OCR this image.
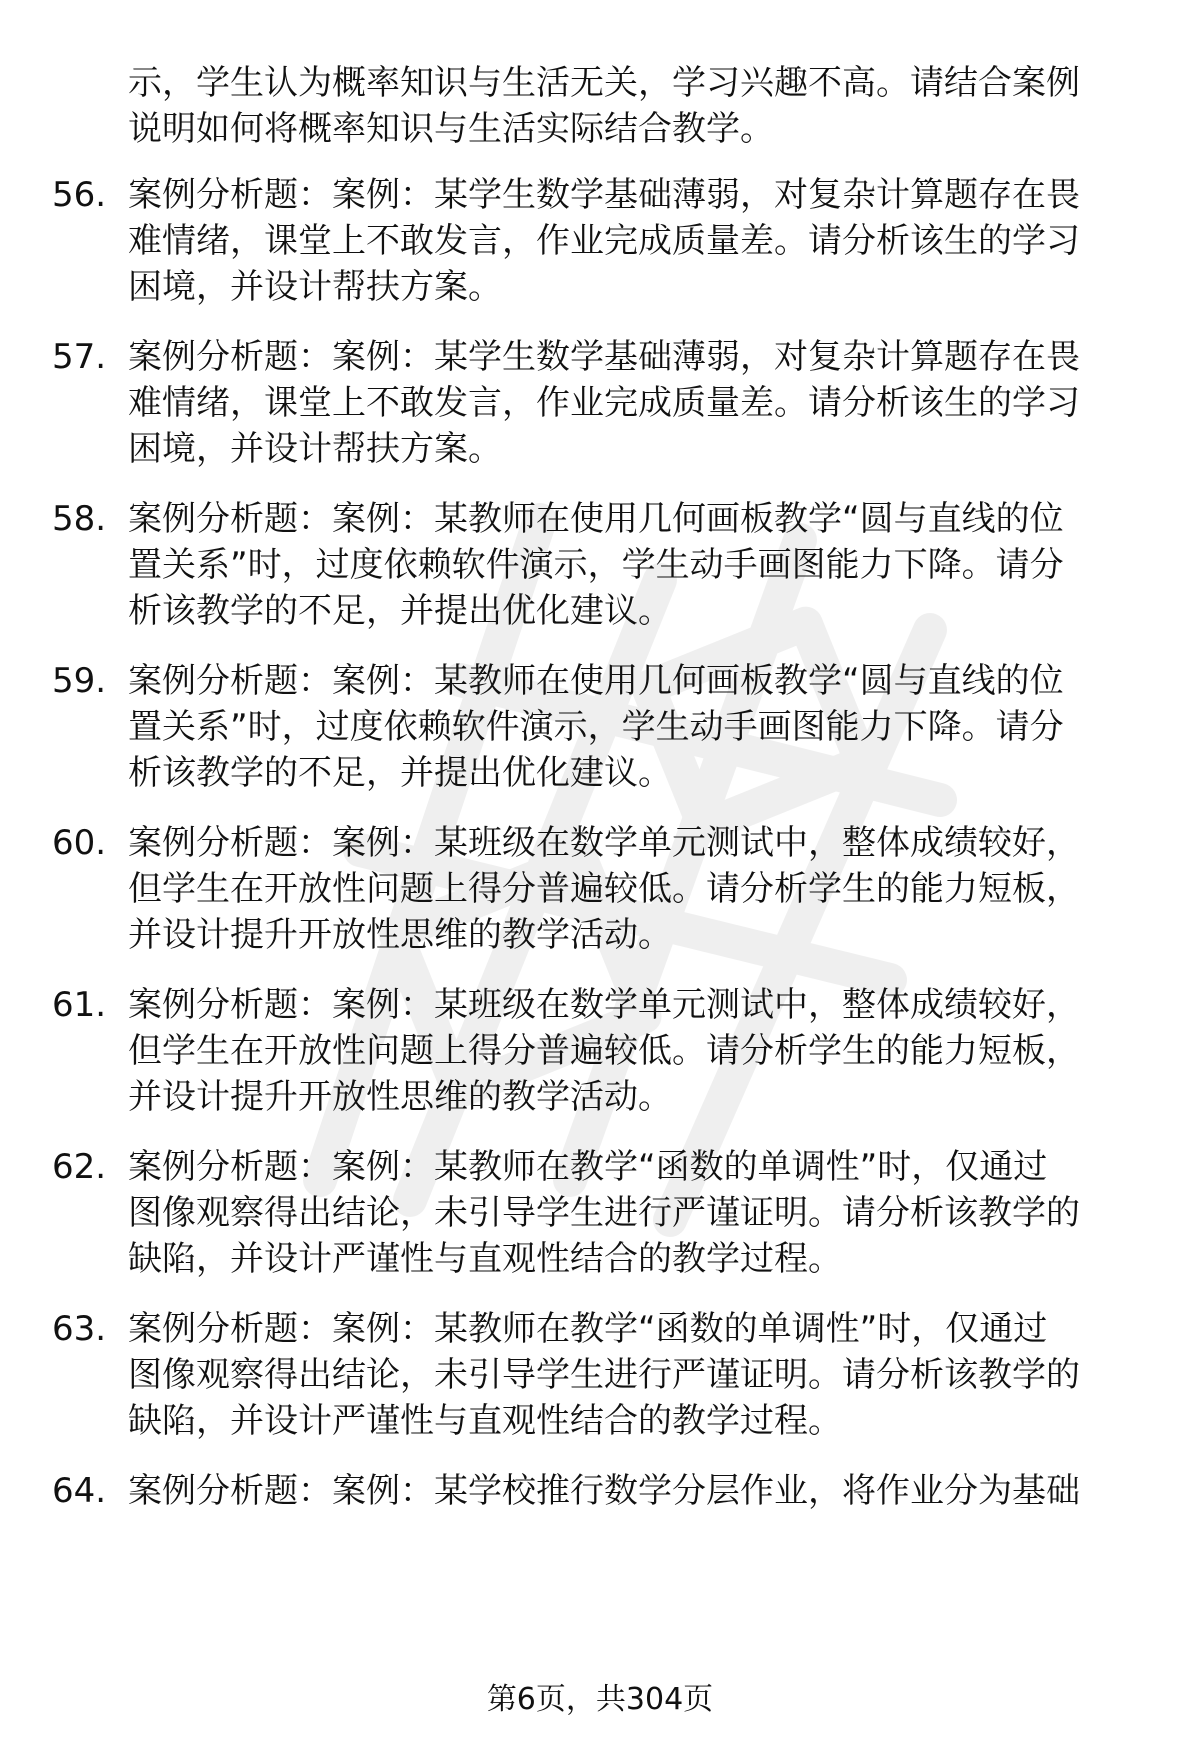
示，学生认为概率知识与生活无关，学习兴趣不高。请结合案例
说明如何将概率知识与生活实际结合教学。
56. 案例分析题：案例：某学生数学基础薄弱，对复杂计算题存在畏
难情绪，课堂上不敢发言，作业完成质量差。请分析该生的学习
困境，并设计帮扶方案。
57. 案例分析题：案例：某学生数学基础薄弱，对复杂计算题存在畏
难情绪，课堂上不敢发言，作业完成质量差。请分析该生的学习
困境，并设计帮扶方案。
58. 案例分析题：案例：某教师在使用几何画板教学“圆与直线的位
置关系”时，过度依赖软件演示，学生动手画图能力下降。请分
析该教学的不足，并提出优化建议。
59. 案例分析题：案例：某教师在使用几何画板教学“圆与直线的位
置关系”时，过度依赖软件演示，学生动手画图能力下降。请分
析该教学的不足，并提出优化建议。
60. 案例分析题：案例：某班级在数学单元测试中，整体成绩较好，
但学生在开放性问题上得分普遍较低。请分析学生的能力短板，
并设计提升开放性思维的教学活动。
61. 案例分析题：案例：某班级在数学单元测试中，整体成绩较好，
但学生在开放性问题上得分普遍较低。请分析学生的能力短板，
并设计提升开放性思维的教学活动。
62. 案例分析题：案例：某教师在教学“函数的单调性”时，仅通过
图像观察得出结论，未引导学生进行严谨证明。请分析该教学的
缺陷，并设计严谨性与直观性结合的教学过程。
63. 案例分析题：案例：某教师在教学“函数的单调性”时，仅通过
图像观察得出结论，未引导学生进行严谨证明。请分析该教学的
缺陷，并设计严谨性与直观性结合的教学过程。
64. 案例分析题：案例：某学校推行数学分层作业，将作业分为基础
第6页，共304页
